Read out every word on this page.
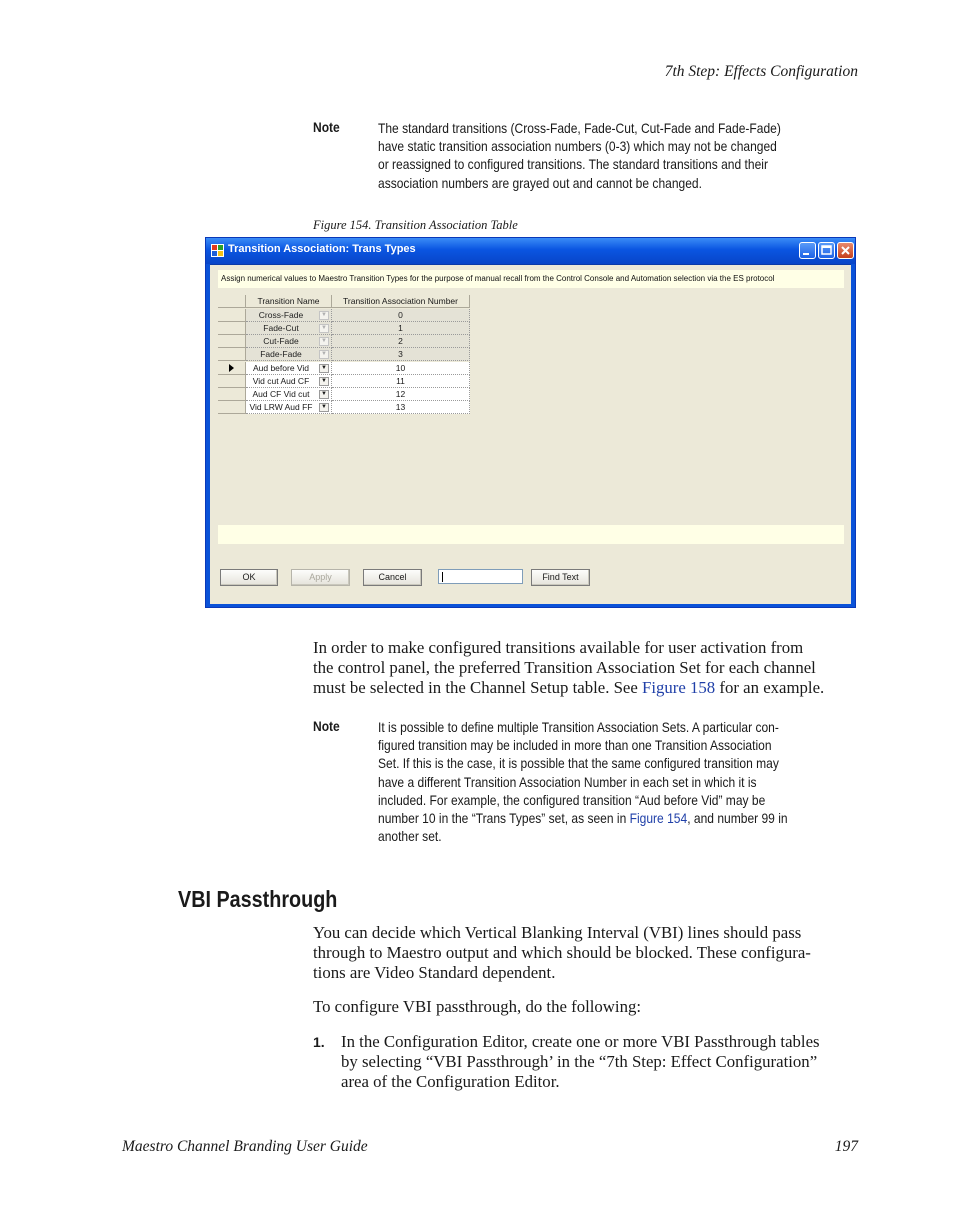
7th Step: Effects Configuration
Note	The standard transitions (Cross-Fade, Fade-Cut, Cut-Fade and Fade-Fade)
have static transition association numbers (0-3) which may not be changed
or reassigned to configured transitions. The standard transitions and their
association numbers are grayed out and cannot be changed.
Figure 154. Transition Association Table
Transition Association: Trans Types
Assign numerical values to Maestro Transition Types for the purpose of manual recall from the Control Console and Automation selection via the ES protocol
Transition Name	Transition Association Number
Cross-Fade	▼	0
Fade-Cut	▼	1
Cut-Fade	▼	2
Fade-Fade	▼	3
Aud before Vid	▼	10
Vid cut Aud CF	▼	11
Aud CF Vid cut	▼	12
Vid LRW Aud FF	▼	13
OK	Apply	Cancel	Find Text
In order to make configured transitions available for user activation from
the control panel, the preferred Transition Association Set for each channel
must be selected in the Channel Setup table. See Figure 158 for an example.
Note	It is possible to define multiple Transition Association Sets. A particular con-
figured transition may be included in more than one Transition Association
Set. If this is the case, it is possible that the same configured transition may
have a different Transition Association Number in each set in which it is
included. For example, the configured transition “Aud before Vid” may be
number 10 in the “Trans Types” set, as seen in Figure 154, and number 99 in
another set.
VBI Passthrough
You can decide which Vertical Blanking Interval (VBI) lines should pass
through to Maestro output and which should be blocked. These configura-
tions are Video Standard dependent.
To configure VBI passthrough, do the following:
1. In the Configuration Editor, create one or more VBI Passthrough tables
by selecting “VBI Passthrough’ in the “7th Step: Effect Configuration”
area of the Configuration Editor.
Maestro Channel Branding User Guide	197
